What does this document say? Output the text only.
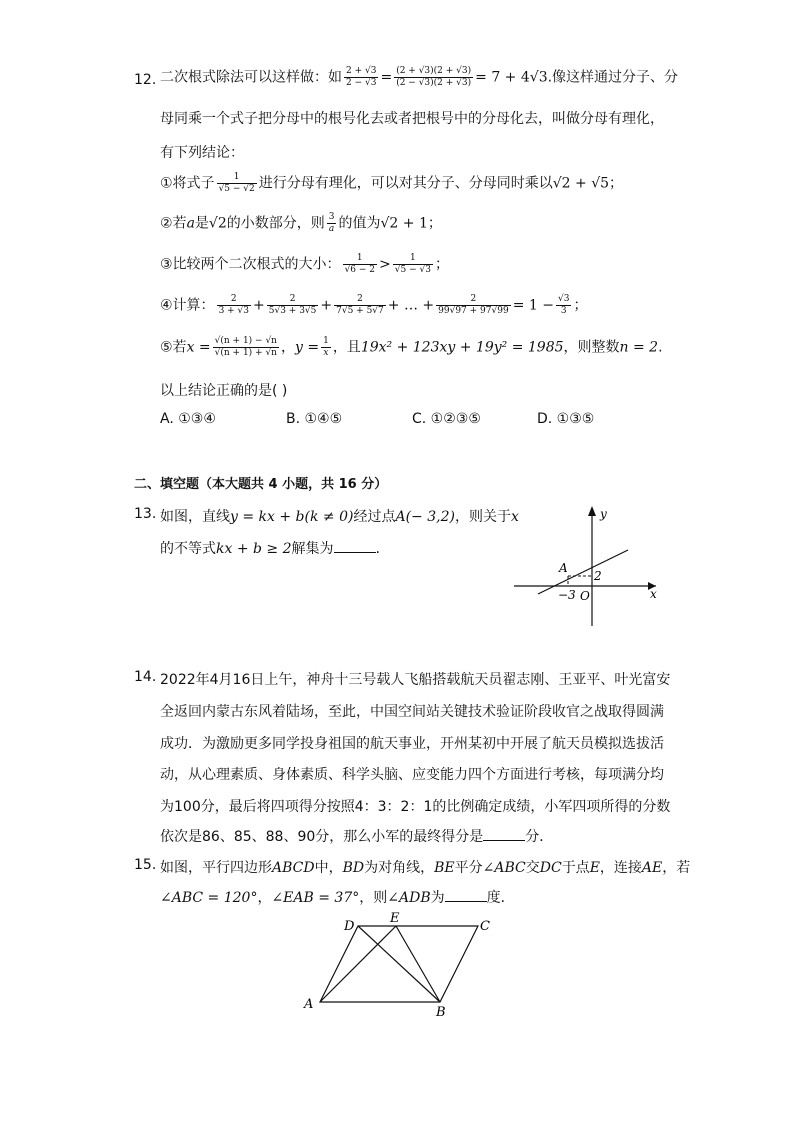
12. 二次根式除法可以这样做：如 $\frac{2 + √3}{2 - √3} = \frac{(2 + √3)(2 + √3)}{(2 - √3)(2 + √3)} = 7 + 4√3$.像这样通过分子、分
母同乘一个式子把分母中的根号化去或者把根号中的分母化去，叫做分母有理化，
有下列结论：
①将式子 $\frac{1}{√5 - √2}$ 进行分母有理化，可以对其分子、分母同时乘以√2 + √5；
②若a是√2的小数部分，则 $\frac{3}{a}$ 的值为√2 + 1；
③比较两个二次根式的大小： $\frac{1}{√6 - 2} > \frac{1}{√5 - √3}$ ；
④计算： $\frac{2}{3 + √3} + \frac{2}{5√3 + 3√5} + \frac{2}{7√5 + 5√7}$ + … + $\frac{2}{99√97 + 97√99} = 1 - \frac{√3}{3}$ ；
⑤若$x = \frac{√(n + 1) - √n}{√(n + 1) + √n}$ ，$y = \frac{1}{x}$ ，且19x² + 123xy + 19y² = 1985，则整数n = 2.
以上结论正确的是( )
A. ①③④	B. ①④⑤	C. ①②③⑤	D. ①③⑤
二、填空题（本大题共 4 小题，共 16 分）
13. 如图，直线y = kx + b(k ≠ 0)经过点A(− 3,2)，则关于x
的不等式kx + b ≥ 2解集为	.
y
x
O
A
2
−3
14. 2022年4月16日上午，神舟十三号载人飞船搭载航天员翟志刚、王亚平、叶光富安
全返回内蒙古东风着陆场，至此，中国空间站关键技术验证阶段收官之战取得圆满
成功．为激励更多同学投身祖国的航天事业，开州某初中开展了航天员模拟选拔活
动，从心理素质、身体素质、科学头脑、应变能力四个方面进行考核，每项满分均
为100分，最后将四项得分按照4：3：2：1的比例确定成绩，小军四项所得的分数
依次是86、85、88、90分，那么小军的最终得分是	分．
15. 如图，平行四边形ABCD中，BD为对角线，BE平分∠ABC交DC于点E，连接AE，若
∠ABC = 120°，∠EAB = 37°，则∠ADB为	度．
A
B
C
D
E
